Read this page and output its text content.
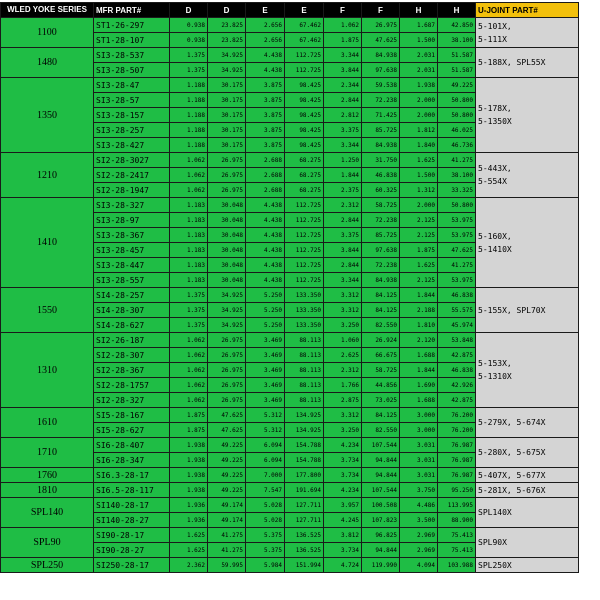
WLED YOKE SERIES	MFR PART#	D	D	E	E	F	F	H	H	U-JOINT PART#
1100	ST1-26-297	0.938	23.825	2.656	67.462	1.062	26.975	1.687	42.850	5-101X,
5-111X
	ST1-28-107	0.938	23.825	2.656	67.462	1.875	47.625	1.500	38.100	
1480	SI3-28-537	1.375	34.925	4.438	112.725	3.344	84.938	2.031	51.587	5-188X, SPL55X
	SI3-28-507	1.375	34.925	4.438	112.725	3.844	97.638	2.031	51.587	
1350	SI3-28-47	1.188	30.175	3.875	98.425	2.344	59.538	1.938	49.225	5-178X,
5-1350X
	SI3-28-57	1.188	30.175	3.875	98.425	2.844	72.238	2.000	50.800	
	SI3-28-157	1.188	30.175	3.875	98.425	2.812	71.425	2.000	50.800	
	SI3-28-257	1.188	30.175	3.875	98.425	3.375	85.725	1.812	46.025	
	SI3-28-427	1.188	30.175	3.875	98.425	3.344	84.938	1.840	46.736	
1210	SI2-28-3027	1.062	26.975	2.688	68.275	1.250	31.750	1.625	41.275	5-443X,
5-554X
	SI2-28-2417	1.062	26.975	2.688	68.275	1.844	46.838	1.500	38.100	
	SI2-28-1947	1.062	26.975	2.688	68.275	2.375	60.325	1.312	33.325	
1410	SI3-28-327	1.183	30.048	4.438	112.725	2.312	58.725	2.000	50.800	5-160X,
5-1410X
	SI3-28-97	1.183	30.048	4.438	112.725	2.844	72.238	2.125	53.975	
	SI3-28-367	1.183	30.048	4.438	112.725	3.375	85.725	2.125	53.975	
	SI3-28-457	1.183	30.048	4.438	112.725	3.844	97.638	1.875	47.625	
	SI3-28-447	1.183	30.048	4.438	112.725	2.844	72.238	1.625	41.275	
	SI3-28-557	1.183	30.048	4.438	112.725	3.344	84.938	2.125	53.975	
1550	SI4-28-257	1.375	34.925	5.250	133.350	3.312	84.125	1.844	46.838	5-155X, SPL70X
	SI4-28-307	1.375	34.925	5.250	133.350	3.312	84.125	2.188	55.575	
	SI4-28-627	1.375	34.925	5.250	133.350	3.250	82.550	1.810	45.974	
1310	SI2-26-187	1.062	26.975	3.469	88.113	1.060	26.924	2.120	53.848	5-153X,
5-1310X
	SI2-28-307	1.062	26.975	3.469	88.113	2.625	66.675	1.688	42.875	
	SI2-28-367	1.062	26.975	3.469	88.113	2.312	58.725	1.844	46.838	
	SI2-28-1757	1.062	26.975	3.469	88.113	1.766	44.856	1.690	42.926	
	SI2-28-327	1.062	26.975	3.469	88.113	2.875	73.025	1.688	42.875	
1610	SI5-28-167	1.875	47.625	5.312	134.925	3.312	84.125	3.000	76.200	5-279X, 5-674X
	SI5-28-627	1.875	47.625	5.312	134.925	3.250	82.550	3.000	76.200	
1710	SI6-28-407	1.938	49.225	6.094	154.788	4.234	107.544	3.031	76.987	5-280X, 5-675X
	SI6-28-347	1.938	49.225	6.094	154.788	3.734	94.844	3.031	76.987	
1760	SI6.3-28-17	1.938	49.225	7.000	177.800	3.734	94.844	3.031	76.987	5-407X, 5-677X
1810	SI6.5-28-117	1.938	49.225	7.547	191.694	4.234	107.544	3.750	95.250	5-281X, 5-676X
SPL140	SI140-28-17	1.936	49.174	5.028	127.711	3.957	100.508	4.486	113.995	SPL140X
	SI140-28-27	1.936	49.174	5.028	127.711	4.245	107.823	3.500	88.900	
SPL90	SI90-28-17	1.625	41.275	5.375	136.525	3.812	96.825	2.969	75.413	SPL90X
	SI90-28-27	1.625	41.275	5.375	136.525	3.734	94.844	2.969	75.413	
SPL250	SI250-28-17	2.362	59.995	5.984	151.994	4.724	119.990	4.094	103.988	SPL250X
